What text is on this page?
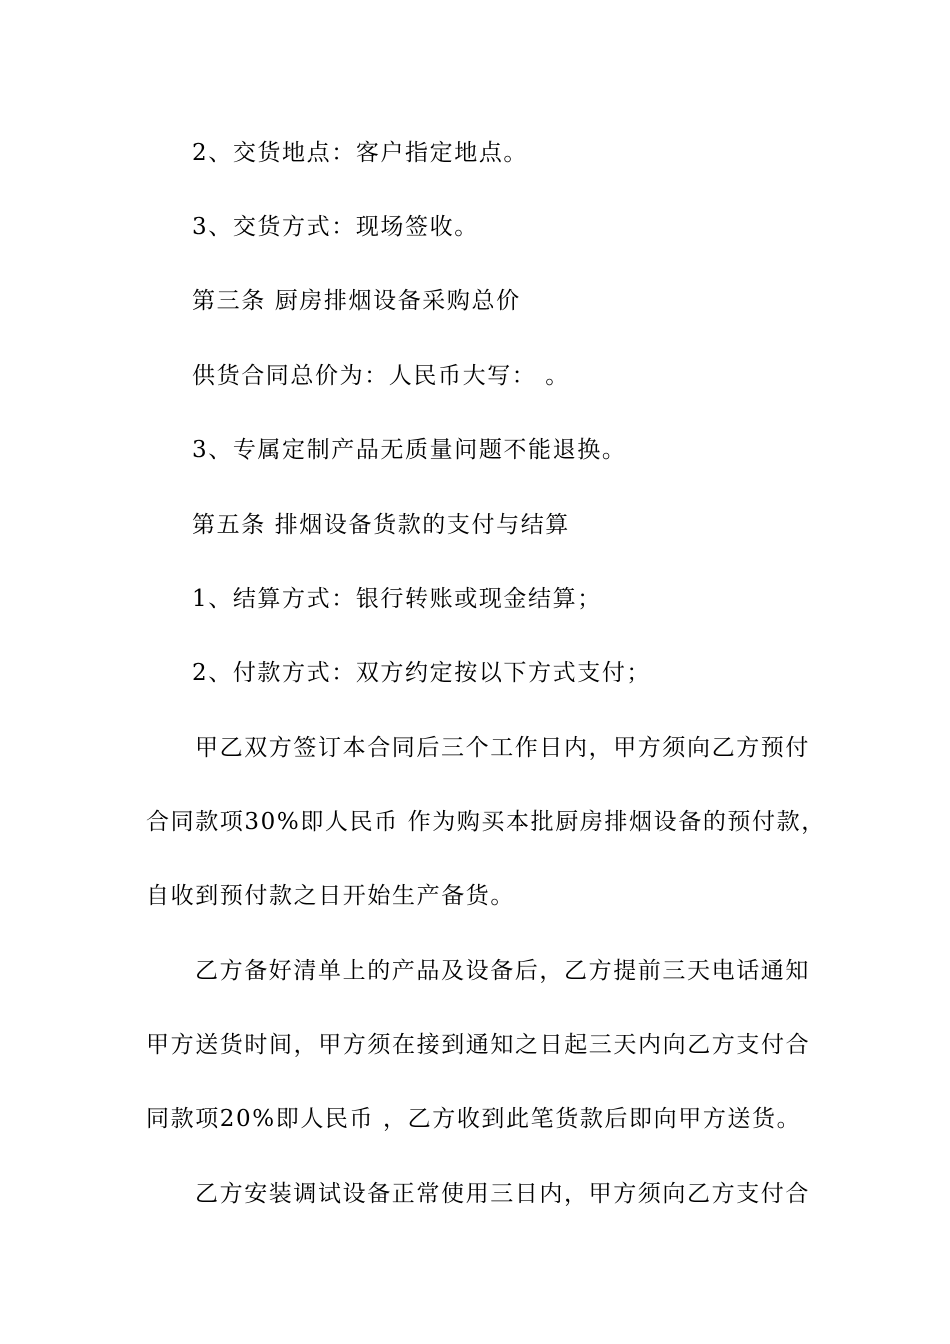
2、交货地点：客户指定地点。
3、交货方式：现场签收。
第三条 厨房排烟设备采购总价
供货合同总价为：人民币大写： 。
3、专属定制产品无质量问题不能退换。
第五条 排烟设备货款的支付与结算
1、结算方式：银行转账或现金结算；
2、付款方式：双方约定按以下方式支付；
甲乙双方签订本合同后三个工作日内，甲方须向乙方预付
合同款项30%即人民币 作为购买本批厨房排烟设备的预付款，
自收到预付款之日开始生产备货。
乙方备好清单上的产品及设备后，乙方提前三天电话通知
甲方送货时间，甲方须在接到通知之日起三天内向乙方支付合
同款项20%即人民币 ，乙方收到此笔货款后即向甲方送货。
乙方安装调试设备正常使用三日内，甲方须向乙方支付合
